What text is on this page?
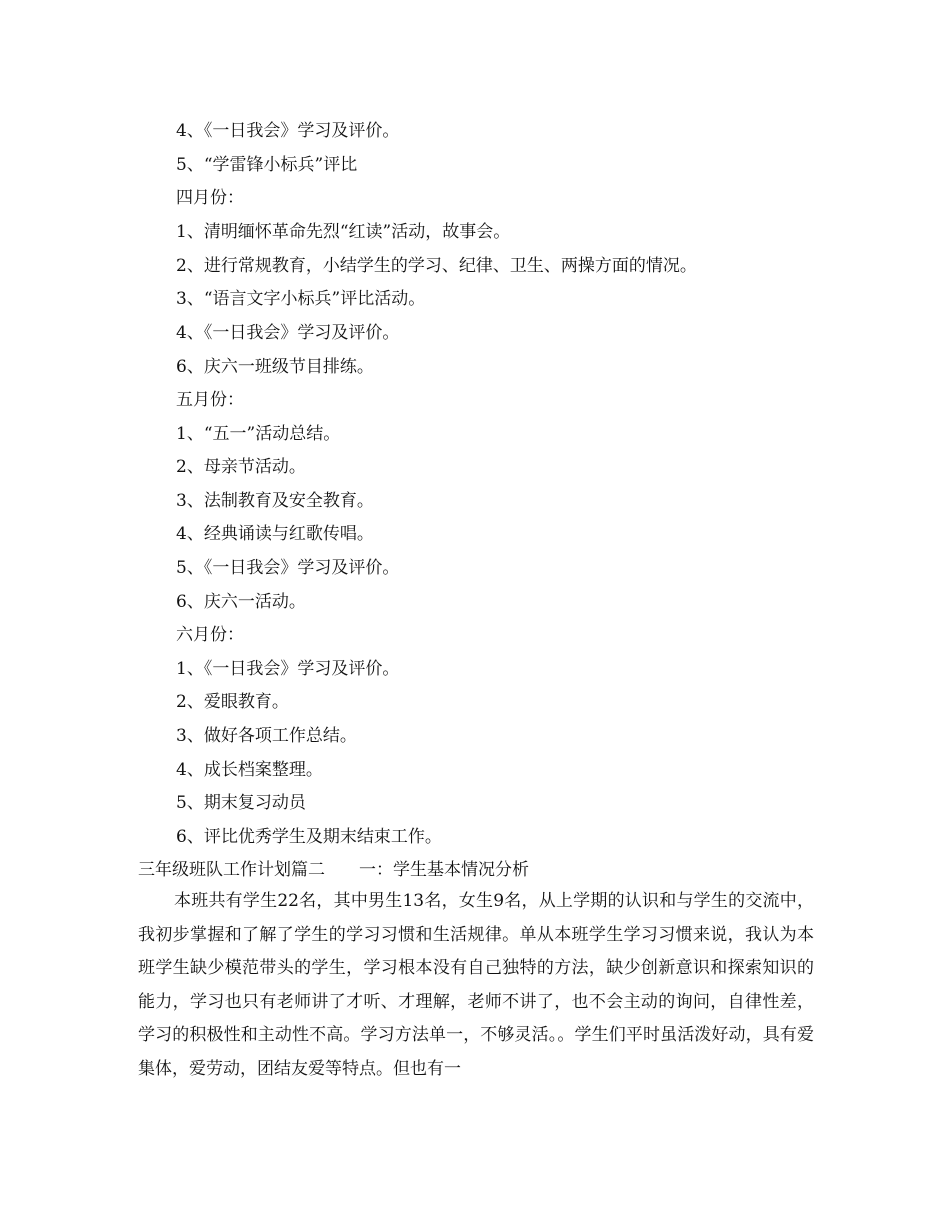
4、《一日我会》学习及评价。
5、“学雷锋小标兵”评比
四月份：
1、清明缅怀革命先烈“红读”活动，故事会。
2、进行常规教育，小结学生的学习、纪律、卫生、两操方面的情况。
3、“语言文字小标兵”评比活动。
4、《一日我会》学习及评价。
6、庆六一班级节目排练。
五月份：
1、“五一”活动总结。
2、母亲节活动。
3、法制教育及安全教育。
4、经典诵读与红歌传唱。
5、《一日我会》学习及评价。
6、庆六一活动。
六月份：
1、《一日我会》学习及评价。
2、爱眼教育。
3、做好各项工作总结。
4、成长档案整理。
5、期末复习动员
6、评比优秀学生及期末结束工作。
三年级班队工作计划篇二　　一：学生基本情况分析
本班共有学生22名，其中男生13名，女生9名，从上学期的认识和与学生的交流中，我初步掌握和了解了学生的学习习惯和生活规律。单从本班学生学习习惯来说，我认为本班学生缺少模范带头的学生，学习根本没有自己独特的方法，缺少创新意识和探索知识的能力，学习也只有老师讲了才听、才理解，老师不讲了，也不会主动的询问，自律性差，学习的积极性和主动性不高。学习方法单一，不够灵活。。学生们平时虽活泼好动，具有爱集体，爱劳动，团结友爱等特点。但也有一
